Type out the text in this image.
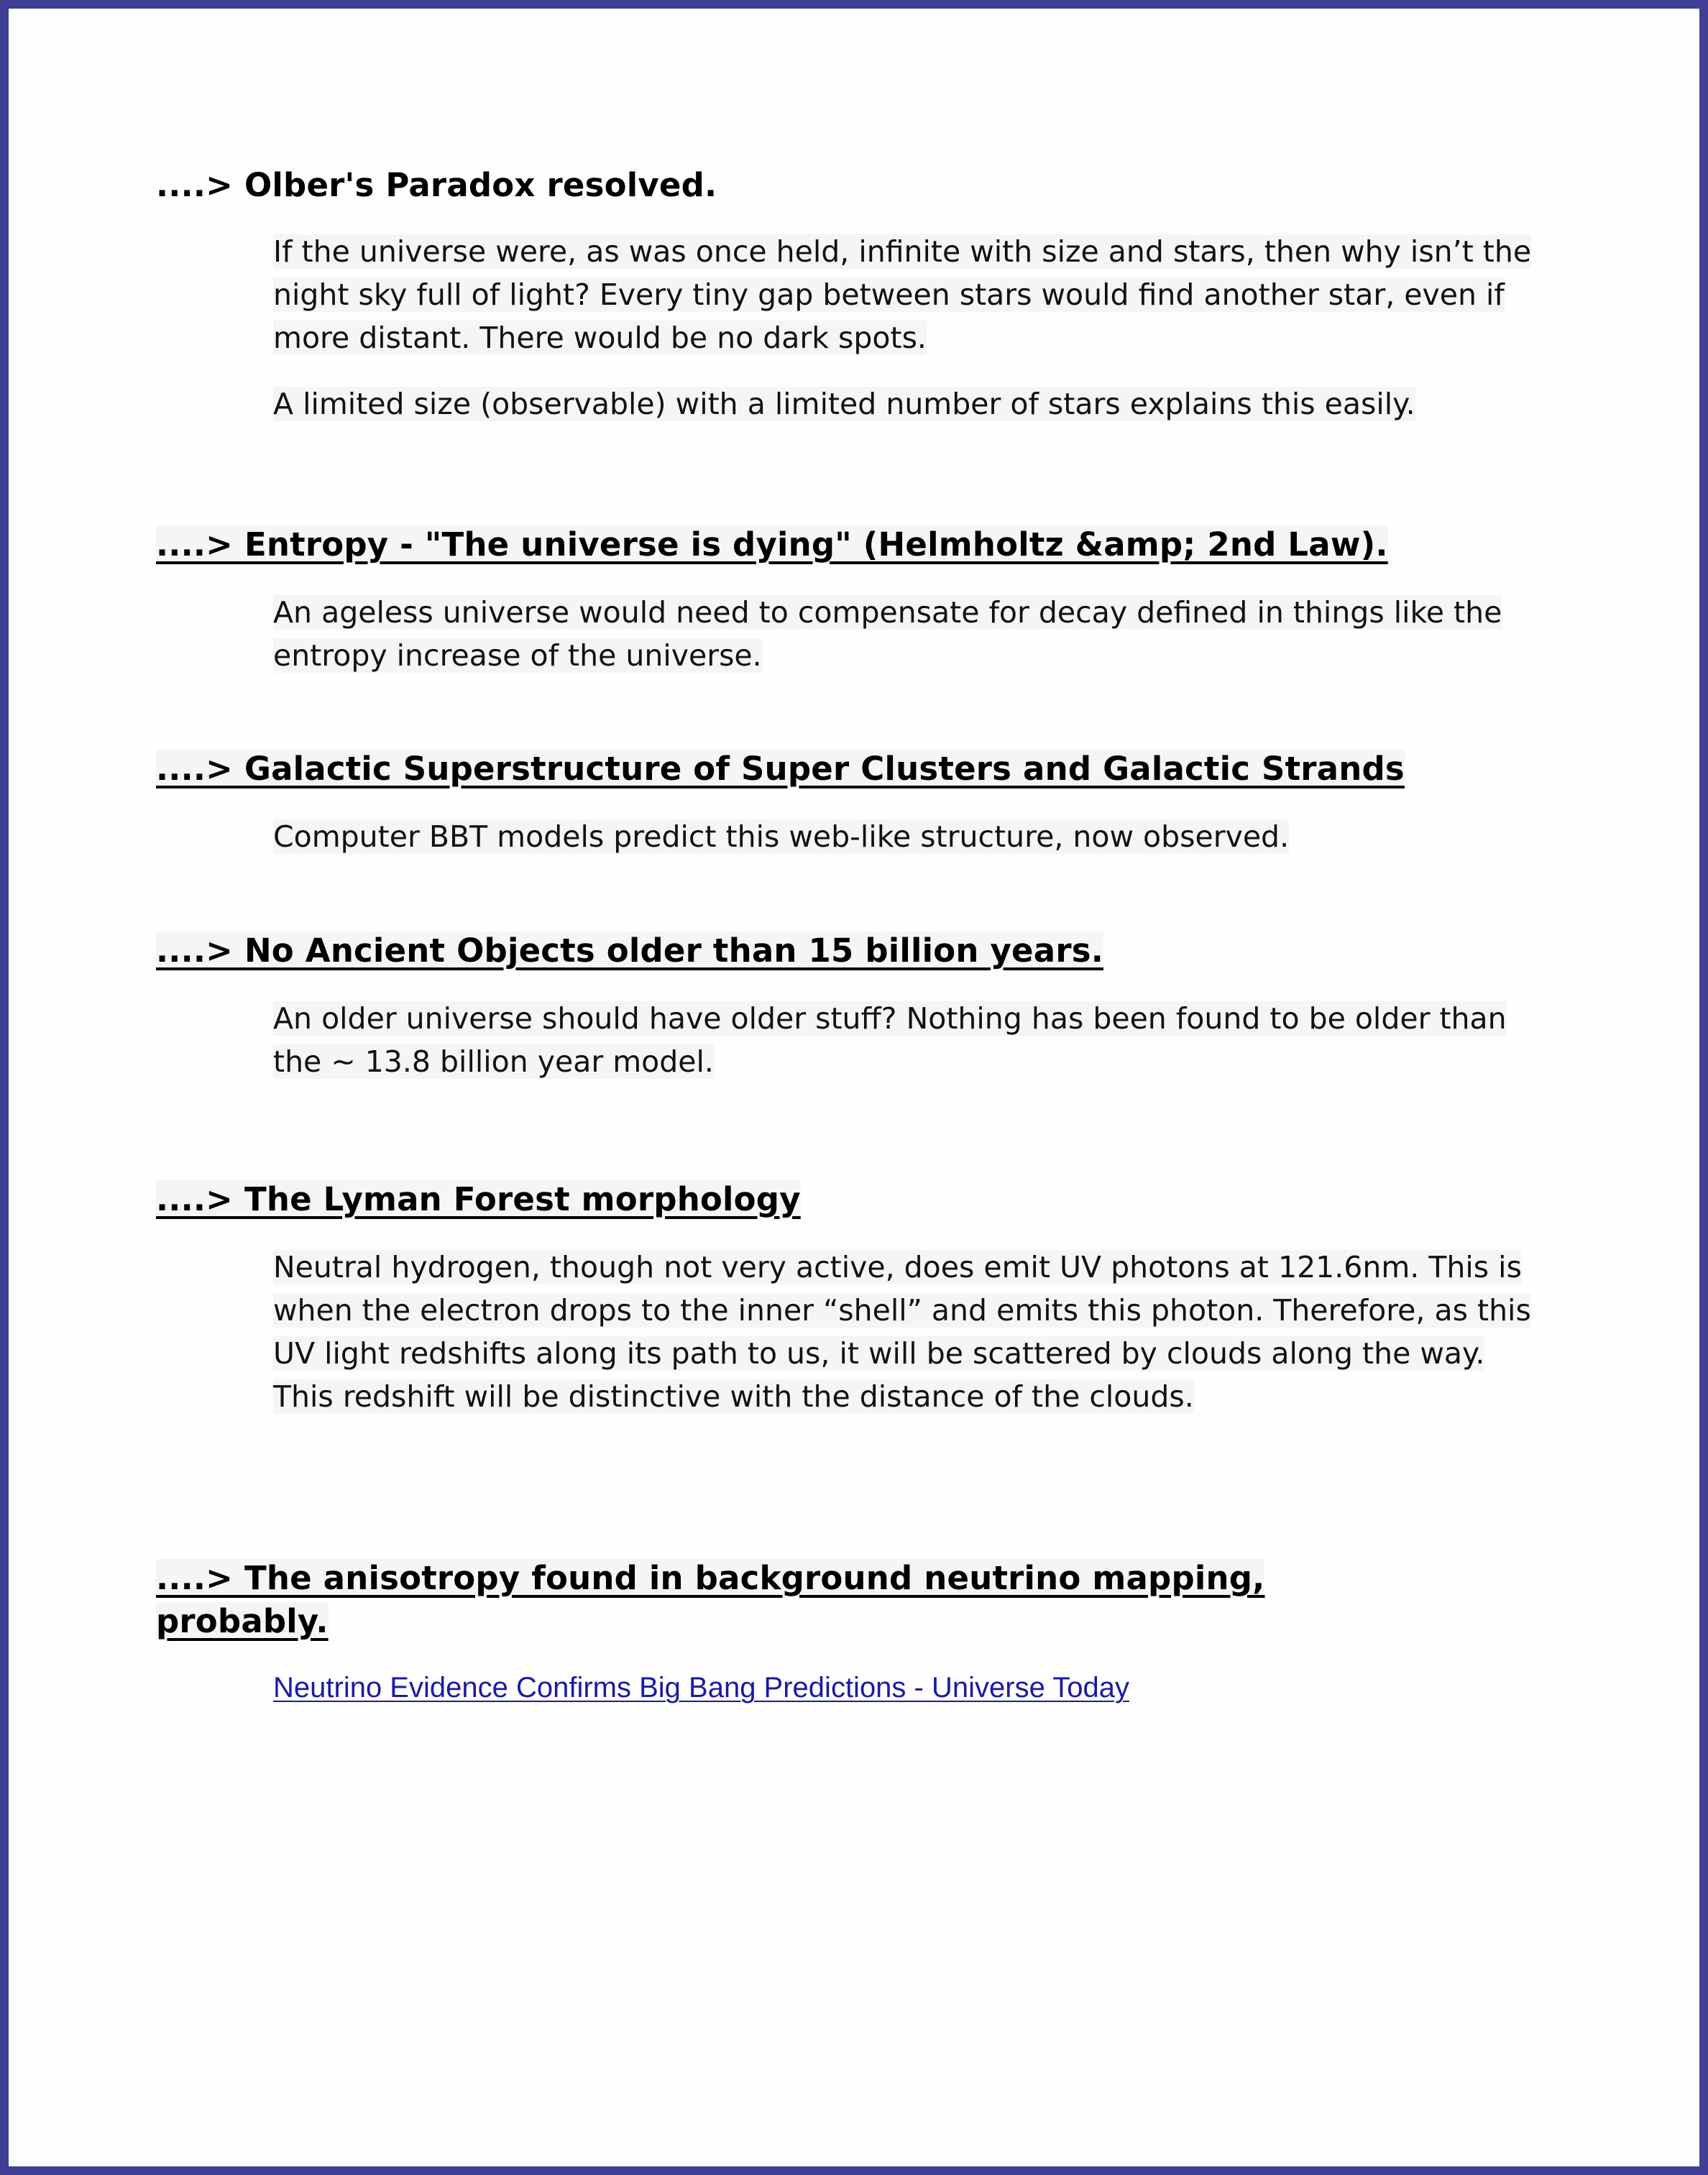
....> Olber's Paradox resolved.

If the universe were, as was once held, infinite with size and stars, then why isn’t the night sky full of light? Every tiny gap between stars would find another star, even if more distant. There would be no dark spots.

A limited size (observable) with a limited number of stars explains this easily.

....> Entropy - "The universe is dying" (Helmholtz &amp; 2nd Law).

An ageless universe would need to compensate for decay defined in things like the entropy increase of the universe.

....> Galactic Superstructure of Super Clusters and Galactic Strands

Computer BBT models predict this web-like structure, now observed.

....> No Ancient Objects older than 15 billion years.

An older universe should have older stuff? Nothing has been found to be older than the ~ 13.8 billion year model.

....> The Lyman Forest morphology

Neutral hydrogen, though not very active, does emit UV photons at 121.6nm. This is when the electron drops to the inner “shell” and emits this photon. Therefore, as this UV light redshifts along its path to us, it will be scattered by clouds along the way. This redshift will be distinctive with the distance of the clouds.

....> The anisotropy found in background neutrino mapping, probably.

Neutrino Evidence Confirms Big Bang Predictions - Universe Today
